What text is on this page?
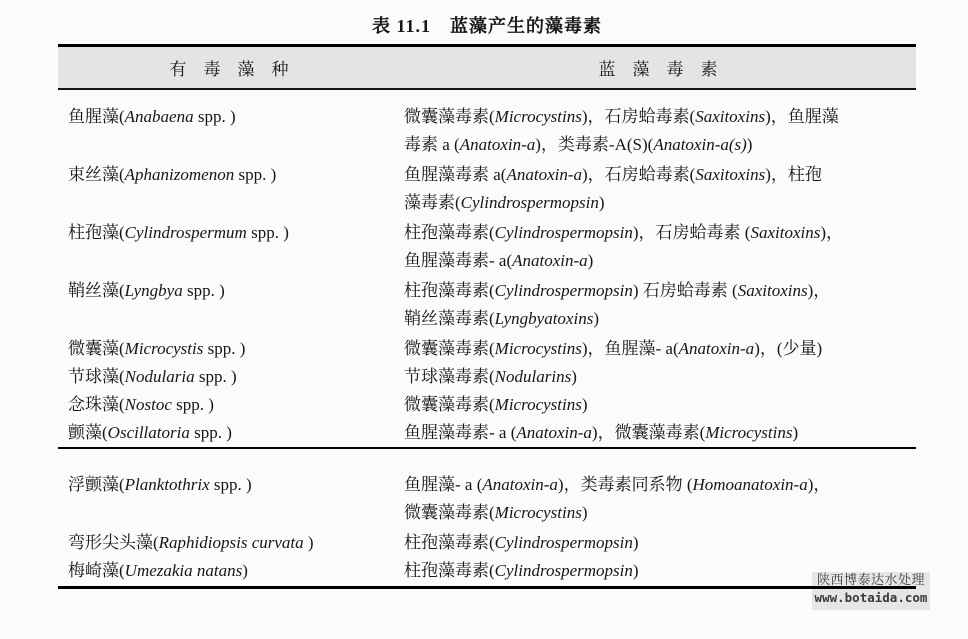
表 11.1　蓝藻产生的藻毒素
陕西博泰达水处理
www.botaida.com
有　毒　藻　种	蓝　藻　毒　素
鱼腥藻(Anabaena spp. )	微囊藻毒素(Microcystins)，石房蛤毒素(Saxitoxins)，鱼腥藻
毒素 a (Anatoxin-a)，类毒素-A(S)(Anatoxin-a(s))
束丝藻(Aphanizomenon spp. )	鱼腥藻毒素 a(Anatoxin-a)，石房蛤毒素(Saxitoxins)，柱孢
藻毒素(Cylindrospermopsin)
柱孢藻(Cylindrospermum spp. )	柱孢藻毒素(Cylindrospermopsin)，石房蛤毒素 (Saxitoxins)，
鱼腥藻毒素- a(Anatoxin-a)
鞘丝藻(Lyngbya spp. )	柱孢藻毒素(Cylindrospermopsin) 石房蛤毒素 (Saxitoxins)，
鞘丝藻毒素(Lyngbyatoxins)
微囊藻(Microcystis spp. )	微囊藻毒素(Microcystins)，鱼腥藻- a(Anatoxin-a)，(少量)
节球藻(Nodularia spp. )	节球藻毒素(Nodularins)
念珠藻(Nostoc spp. )	微囊藻毒素(Microcystins)
颤藻(Oscillatoria spp. )	鱼腥藻毒素- a (Anatoxin-a)，微囊藻毒素(Microcystins)
浮颤藻(Planktothrix spp. )	鱼腥藻- a (Anatoxin-a)，类毒素同系物 (Homoanatoxin-a)，
微囊藻毒素(Microcystins)
弯形尖头藻(Raphidiopsis curvata )	柱孢藻毒素(Cylindrospermopsin)
梅崎藻(Umezakia natans)	柱孢藻毒素(Cylindrospermopsin)
